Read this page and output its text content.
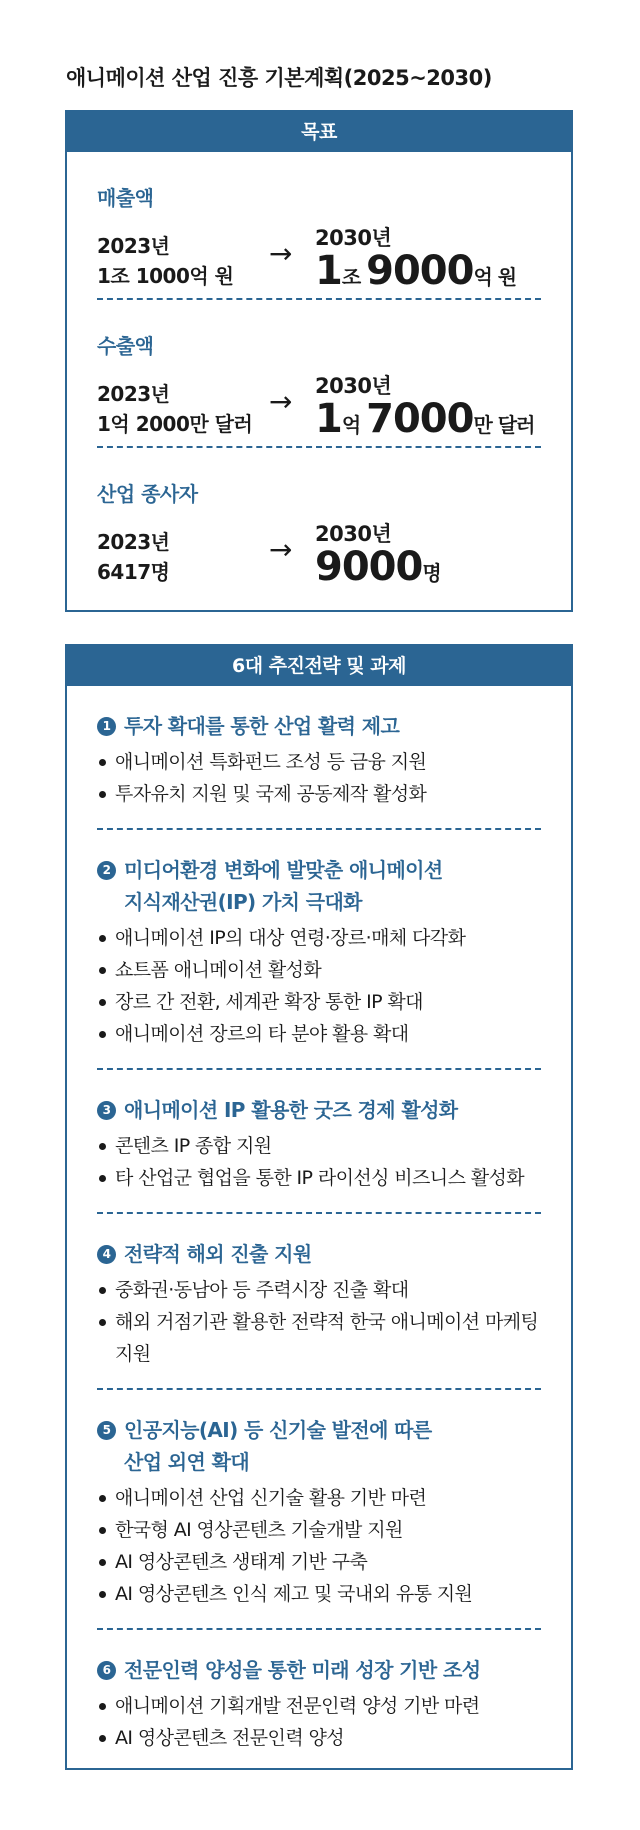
애니메이션 산업 진흥 기본계획(2025~2030)
목표
매출액
2023년
1조 1000억 원
→ 2030년
1조 9000억 원
수출액
2023년
1억 2000만 달러
→ 2030년
1억 7000만 달러
산업 종사자
2023년
6417명
→ 2030년
9000명
6대 추진전략 및 과제
1 투자 확대를 통한 산업 활력 제고
애니메이션 특화펀드 조성 등 금융 지원
투자유치 지원 및 국제 공동제작 활성화
2 미디어환경 변화에 발맞춘 애니메이션
지식재산권(IP) 가치 극대화
애니메이션 IP의 대상 연령·장르·매체 다각화
쇼트폼 애니메이션 활성화
장르 간 전환, 세계관 확장 통한 IP 확대
애니메이션 장르의 타 분야 활용 확대
3 애니메이션 IP 활용한 굿즈 경제 활성화
콘텐츠 IP 종합 지원
타 산업군 협업을 통한 IP 라이선싱 비즈니스 활성화
4 전략적 해외 진출 지원
중화권·동남아 등 주력시장 진출 확대
해외 거점기관 활용한 전략적 한국 애니메이션 마케팅 지원
5 인공지능(AI) 등 신기술 발전에 따른
산업 외연 확대
애니메이션 산업 신기술 활용 기반 마련
한국형 AI 영상콘텐츠 기술개발 지원
AI 영상콘텐츠 생태계 기반 구축
AI 영상콘텐츠 인식 제고 및 국내외 유통 지원
6 전문인력 양성을 통한 미래 성장 기반 조성
애니메이션 기획개발 전문인력 양성 기반 마련
AI 영상콘텐츠 전문인력 양성
